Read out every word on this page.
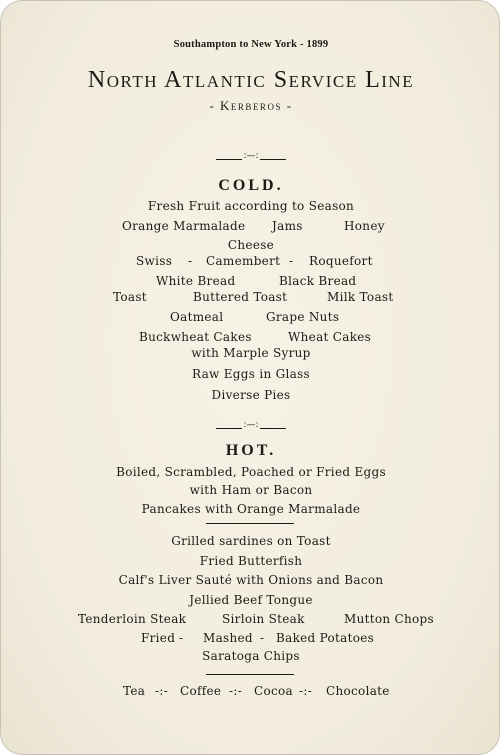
Southampton to New York - 1899
North Atlantic Service Line
- Kerberos -
:—:
COLD.
Fresh Fruit according to Season
Orange Marmalade Jams	Honey
Cheese
Swiss - Camembert - Roquefort
White Bread	Black Bread
Toast	Buttered Toast	Milk Toast
Oatmeal	Grape Nuts
Buckwheat Cakes	Wheat Cakes
with Marple Syrup
Raw Eggs in Glass
Diverse Pies
:—:
HOT.
Boiled, Scrambled, Poached or Fried Eggs
with Ham or Bacon
Pancakes with Orange Marmalade
Grilled sardines on Toast
Fried Butterfish
Calf's Liver Sauté with Onions and Bacon
Jellied Beef Tongue
Tenderloin Steak	Sirloin Steak	Mutton Chops
Fried - Mashed - Baked Potatoes
Saratoga Chips
Tea -:- Coffee -:- Cocoa -:- Chocolate
